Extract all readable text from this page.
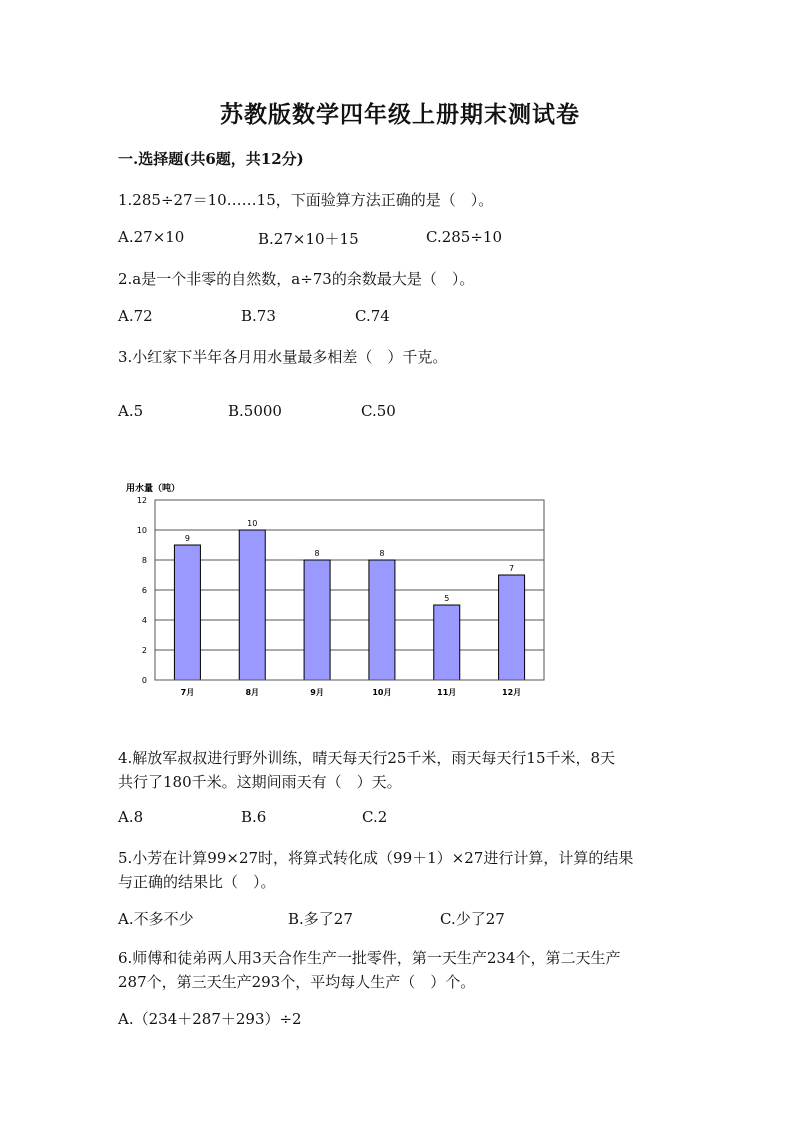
苏教版数学四年级上册期末测试卷
一.选择题(共6题，共12分)
1.285÷27＝10……15，下面验算方法正确的是（　）。
A.27×10	B.27×10＋15	C.285÷10
2.a是一个非零的自然数，a÷73的余数最大是（　）。
A.72	B.73	C.74
3.小红家下半年各月用水量最多相差（　）千克。
A.5	B.5000	C.50
用水量（吨）
0
2
4
6
8
10
12
9
10
8	8
5
7
7月	8月	9月	10月	11月	12月
4.解放军叔叔进行野外训练，晴天每天行25千米，雨天每天行15千米，8天
共行了180千米。这期间雨天有（　）天。
A.8	B.6	C.2
5.小芳在计算99×27时，将算式转化成（99＋1）×27进行计算，计算的结果
与正确的结果比（　）。
A.不多不少	B.多了27	C.少了27
6.师傅和徒弟两人用3天合作生产一批零件，第一天生产234个，第二天生产
287个，第三天生产293个，平均每人生产（　）个。
A.（234＋287＋293）÷2
